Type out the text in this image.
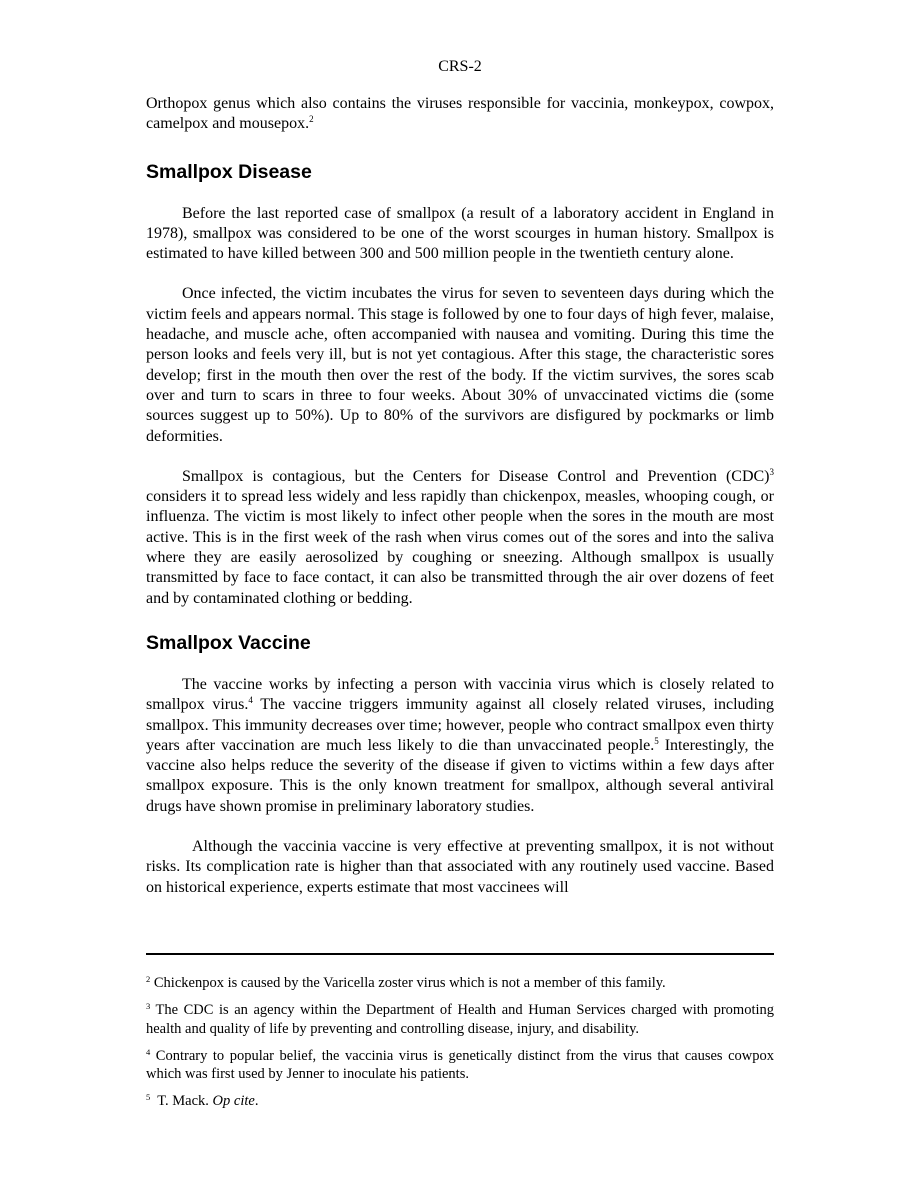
CRS-2

Orthopox genus which also contains the viruses responsible for vaccinia, monkeypox, cowpox, camelpox and mousepox.$^2$

Smallpox Disease

Before the last reported case of smallpox (a result of a laboratory accident in England in 1978), smallpox was considered to be one of the worst scourges in human history. Smallpox is estimated to have killed between 300 and 500 million people in the twentieth century alone.

Once infected, the victim incubates the virus for seven to seventeen days during which the victim feels and appears normal. This stage is followed by one to four days of high fever, malaise, headache, and muscle ache, often accompanied with nausea and vomiting. During this time the person looks and feels very ill, but is not yet contagious. After this stage, the characteristic sores develop; first in the mouth then over the rest of the body. If the victim survives, the sores scab over and turn to scars in three to four weeks. About 30% of unvaccinated victims die (some sources suggest up to 50%). Up to 80% of the survivors are disfigured by pockmarks or limb deformities.

Smallpox is contagious, but the Centers for Disease Control and Prevention (CDC)$^3$ considers it to spread less widely and less rapidly than chickenpox, measles, whooping cough, or influenza. The victim is most likely to infect other people when the sores in the mouth are most active. This is in the first week of the rash when virus comes out of the sores and into the saliva where they are easily aerosolized by coughing or sneezing. Although smallpox is usually transmitted by face to face contact, it can also be transmitted through the air over dozens of feet and by contaminated clothing or bedding.

Smallpox Vaccine

The vaccine works by infecting a person with vaccinia virus which is closely related to smallpox virus.$^4$ The vaccine triggers immunity against all closely related viruses, including smallpox. This immunity decreases over time; however, people who contract smallpox even thirty years after vaccination are much less likely to die than unvaccinated people.$^5$ Interestingly, the vaccine also helps reduce the severity of the disease if given to victims within a few days after smallpox exposure. This is the only known treatment for smallpox, although several antiviral drugs have shown promise in preliminary laboratory studies.

Although the vaccinia vaccine is very effective at preventing smallpox, it is not without risks. Its complication rate is higher than that associated with any routinely used vaccine. Based on historical experience, experts estimate that most vaccinees will

$^2$ Chickenpox is caused by the Varicella zoster virus which is not a member of this family.

$^3$ The CDC is an agency within the Department of Health and Human Services charged with promoting health and quality of life by preventing and controlling disease, injury, and disability.

$^4$ Contrary to popular belief, the vaccinia virus is genetically distinct from the virus that causes cowpox which was first used by Jenner to inoculate his patients.

$^5$ T. Mack. Op cite.
